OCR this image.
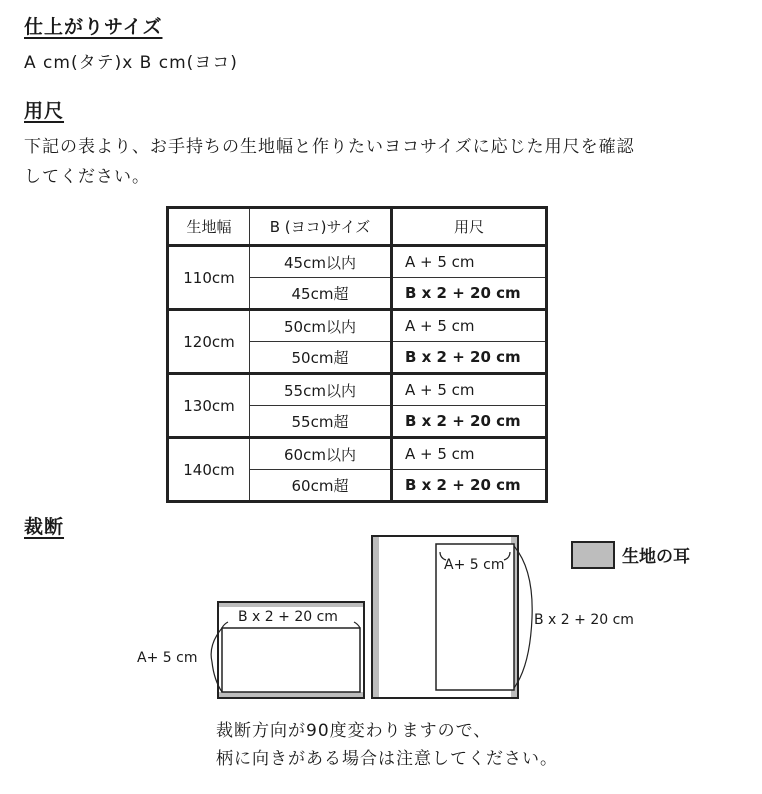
仕上がりサイズ
A cm(タテ)x B cm(ヨコ)
用尺
下記の表より、お手持ちの生地幅と作りたいヨコサイズに応じた用尺を確認
してください。
生地幅	B (ヨコ)サイズ	用尺
110cm	45cm以内	A + 5 cm
	45cm超	B x 2 + 20 cm
120cm	50cm以内	A + 5 cm
	50cm超	B x 2 + 20 cm
130cm	55cm以内	A + 5 cm
	55cm超	B x 2 + 20 cm
140cm	60cm以内	A + 5 cm
	60cm超	B x 2 + 20 cm
裁断
B x 2 + 20 cm
A+ 5 cm
A+ 5 cm
B x 2 + 20 cm
生地の耳
裁断方向が90度変わりますので、
柄に向きがある場合は注意してください。
